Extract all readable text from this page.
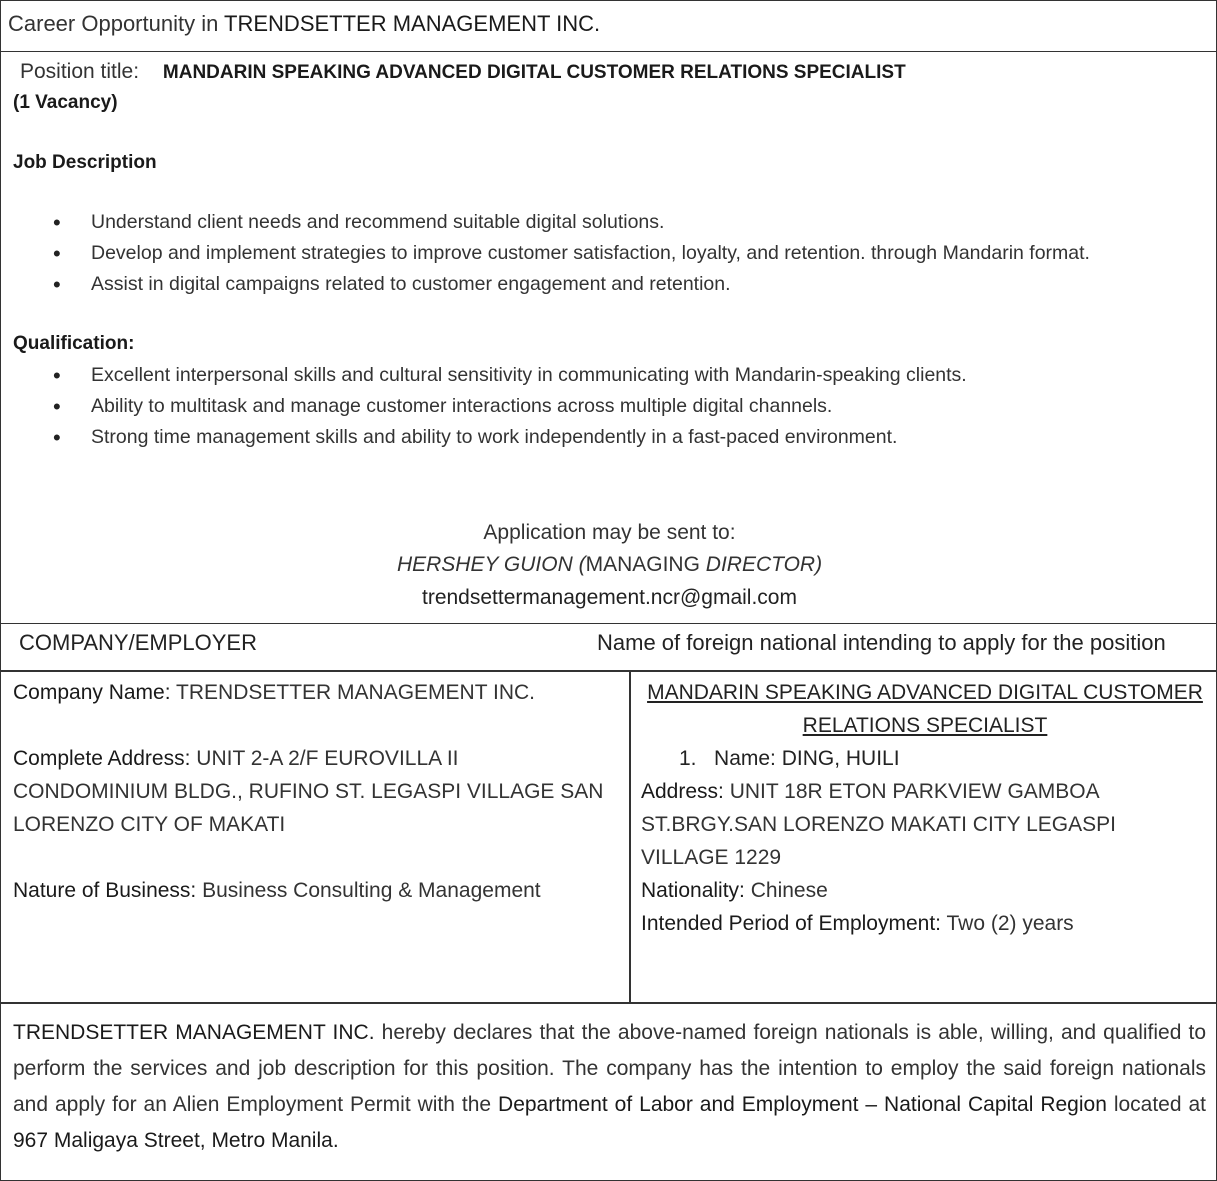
Career Opportunity in TRENDSETTER MANAGEMENT INC.
Position title: MANDARIN SPEAKING ADVANCED DIGITAL CUSTOMER RELATIONS SPECIALIST
(1 Vacancy)
Job Description
• Understand client needs and recommend suitable digital solutions.
• Develop and implement strategies to improve customer satisfaction, loyalty, and retention. through Mandarin format.
• Assist in digital campaigns related to customer engagement and retention.
Qualification:
• Excellent interpersonal skills and cultural sensitivity in communicating with Mandarin-speaking clients.
• Ability to multitask and manage customer interactions across multiple digital channels.
• Strong time management skills and ability to work independently in a fast-paced environment.
Application may be sent to:
HERSHEY GUION (MANAGING DIRECTOR)
trendsettermanagement.ncr@gmail.com
COMPANY/EMPLOYER	Name of foreign national intending to apply for the position
Company Name: TRENDSETTER MANAGEMENT INC.
Complete Address: UNIT 2-A 2/F EUROVILLA II CONDOMINIUM BLDG., RUFINO ST. LEGASPI VILLAGE SAN LORENZO CITY OF MAKATI
Nature of Business: Business Consulting & Management
MANDARIN SPEAKING ADVANCED DIGITAL CUSTOMER RELATIONS SPECIALIST
1. Name: DING, HUILI
Address: UNIT 18R ETON PARKVIEW GAMBOA ST.BRGY.SAN LORENZO MAKATI CITY LEGASPI VILLAGE 1229
Nationality: Chinese
Intended Period of Employment: Two (2) years
TRENDSETTER MANAGEMENT INC. hereby declares that the above-named foreign nationals is able, willing, and qualified to perform the services and job description for this position. The company has the intention to employ the said foreign nationals and apply for an Alien Employment Permit with the Department of Labor and Employment – National Capital Region located at 967 Maligaya Street, Metro Manila.
